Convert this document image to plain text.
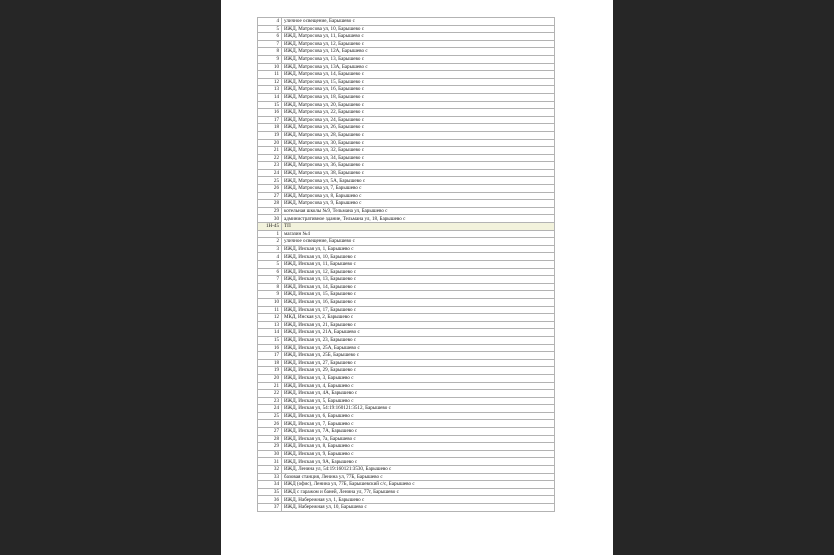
4	уличное освещение, Барышево с
5	ИЖД, Матросова ул, 10, Барышево с
6	ИЖД, Матросова ул, 11, Барышево с
7	ИЖД, Матросова ул, 12, Барышево с
8	ИЖД, Матросова ул, 12А, Барышево с
9	ИЖД, Матросова ул, 13, Барышево с
10	ИЖД, Матросова ул, 13А, Барышево с
11	ИЖД, Матросова ул, 14, Барышево с
12	ИЖД, Матросова ул, 15, Барышево с
13	ИЖД, Матросова ул, 16, Барышево с
14	ИЖД, Матросова ул, 18, Барышево с
15	ИЖД, Матросова ул, 20, Барышево с
16	ИЖД, Матросова ул, 22, Барышево с
17	ИЖД, Матросова ул, 24, Барышево с
18	ИЖД, Матросова ул, 26, Барышево с
19	ИЖД, Матросова ул, 28, Барышево с
20	ИЖД, Матросова ул, 30, Барышево с
21	ИЖД, Матросова ул, 32, Барышево с
22	ИЖД, Матросова ул, 34, Барышево с
23	ИЖД, Матросова ул, 36, Барышево с
24	ИЖД, Матросова ул, 38, Барышево с
25	ИЖД, Матросова ул, 5А, Барышево с
26	ИЖД, Матросова ул, 7, Барышево с
27	ИЖД, Матросова ул, 8, Барышево с
28	ИЖД, Матросова ул, 9, Барышево с
29	котельная школы №9, Тельмана ул, Барышево с
30	административное здание, Тельмана ул, 18, Барышево с
1H-45	ТП
1	магазин №4
2	уличное освещение, Барышево с
3	ИЖД, Инская ул, 1, Барышево с
4	ИЖД, Инская ул, 10, Барышево с
5	ИЖД, Инская ул, 11, Барышево с
6	ИЖД, Инская ул, 12, Барышево с
7	ИЖД, Инская ул, 13, Барышево с
8	ИЖД, Инская ул, 14, Барышево с
9	ИЖД, Инская ул, 15, Барышево с
10	ИЖД, Инская ул, 16, Барышево с
11	ИЖД, Инская ул, 17, Барышево с
12	МКД, Инская ул, 2, Барышево с
13	ИЖД, Инская ул, 21, Барышево с
14	ИЖД, Инская ул, 21А, Барышево с
15	ИЖД, Инская ул, 23, Барышево с
16	ИЖД, Инская ул, 25А, Барышево с
17	ИЖД, Инская ул, 25Б, Барышево с
18	ИЖД, Инская ул, 27, Барышево с
19	ИЖД, Инская ул, 29, Барышево с
20	ИЖД, Инская ул, 3, Барышево с
21	ИЖД, Инская ул, 4, Барышево с
22	ИЖД, Инская ул, 4А, Барышево с
23	ИЖД, Инская ул, 5, Барышево с
24	ИЖД, Инская ул, 54:19:160121:3512, Барышево с
25	ИЖД, Инская ул, 6, Барышево с
26	ИЖД, Инская ул, 7, Барышево с
27	ИЖД, Инская ул, 7А, Барышево с
28	ИЖД, Инская ул, 7а, Барышево с
29	ИЖД, Инская ул, 8, Барышево с
30	ИЖД, Инская ул, 9, Барышево с
31	ИЖД, Инская ул, 9А, Барышево с
32	ИЖД, Ленина ул, 54:19:160121:3530, Барышево с
33	базовая станция, Ленина ул, 77Б, Барышево с
34	ИЖД (офис), Ленина ул, 77Б, Барышевский с/с, Барышево с
35	ИЖД с гаражом и баней, Ленина ул, 77г, Барышево с
36	ИЖД, Набережная ул, 1, Барышево с
37	ИЖД, Набережная ул, 10, Барышево с
